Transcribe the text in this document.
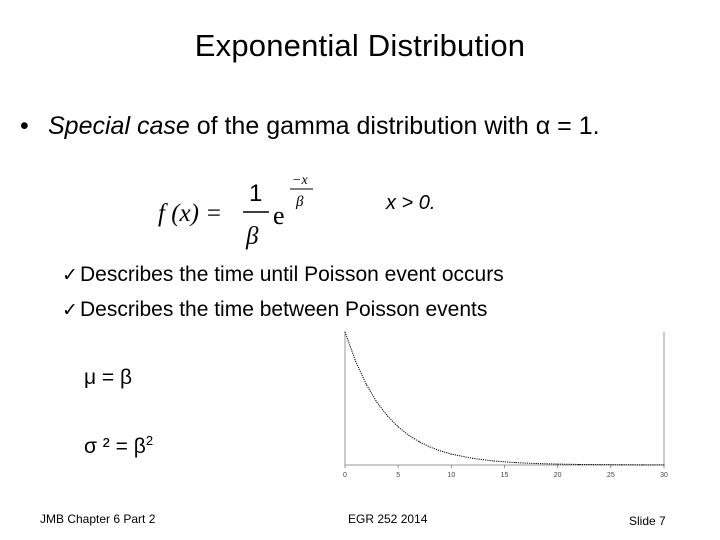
Exponential Distribution
• Special case of the gamma distribution with α = 1.
f (x) =
1
β
e
−x
β	x > 0.
✓Describes the time until Poisson event occurs
✓Describes the time between Poisson events
μ = β
σ $^2 = \beta^2$
0	5	10	15	20	25	30
JMB Chapter 6 Part 2	EGR 252 2014	Slide 7
